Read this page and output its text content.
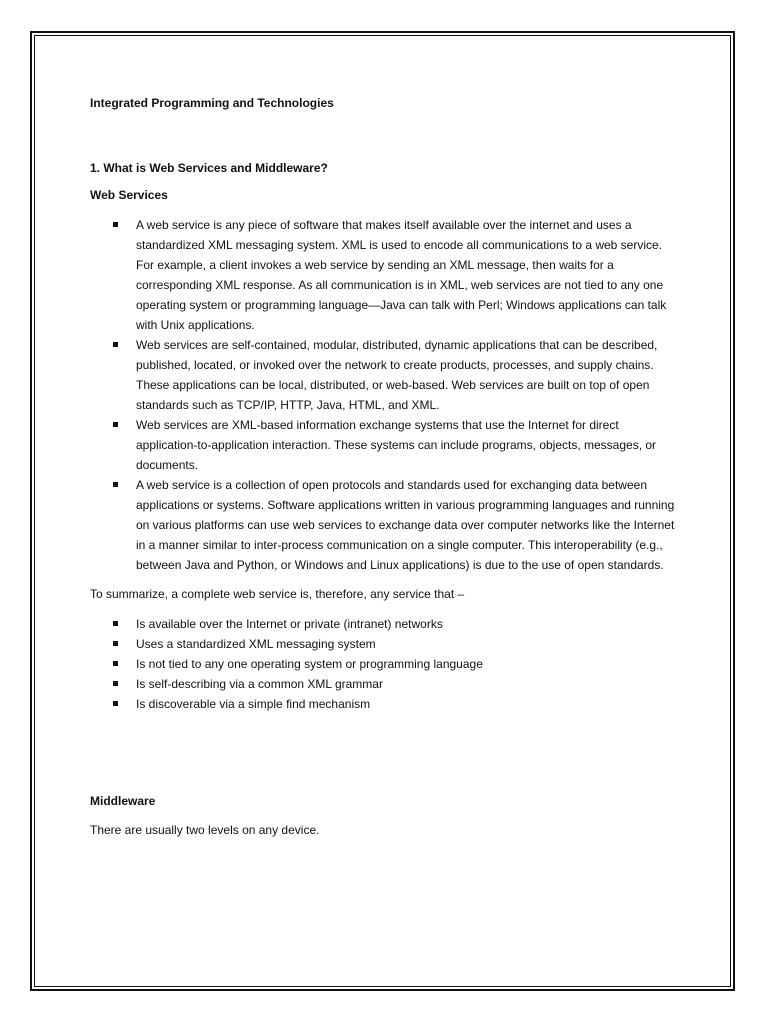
Integrated Programming and Technologies

1. What is Web Services and Middleware?

Web Services

A web service is any piece of software that makes itself available over the internet and uses a standardized XML messaging system. XML is used to encode all communications to a web service. For example, a client invokes a web service by sending an XML message, then waits for a corresponding XML response. As all communication is in XML, web services are not tied to any one operating system or programming language—Java can talk with Perl; Windows applications can talk with Unix applications.
Web services are self-contained, modular, distributed, dynamic applications that can be described, published, located, or invoked over the network to create products, processes, and supply chains. These applications can be local, distributed, or web-based. Web services are built on top of open standards such as TCP/IP, HTTP, Java, HTML, and XML.
Web services are XML-based information exchange systems that use the Internet for direct application-to-application interaction. These systems can include programs, objects, messages, or documents.
A web service is a collection of open protocols and standards used for exchanging data between applications or systems. Software applications written in various programming languages and running on various platforms can use web services to exchange data over computer networks like the Internet in a manner similar to inter-process communication on a single computer. This interoperability (e.g., between Java and Python, or Windows and Linux applications) is due to the use of open standards.

To summarize, a complete web service is, therefore, any service that –

Is available over the Internet or private (intranet) networks
Uses a standardized XML messaging system
Is not tied to any one operating system or programming language
Is self-describing via a common XML grammar
Is discoverable via a simple find mechanism

Middleware

There are usually two levels on any device.
